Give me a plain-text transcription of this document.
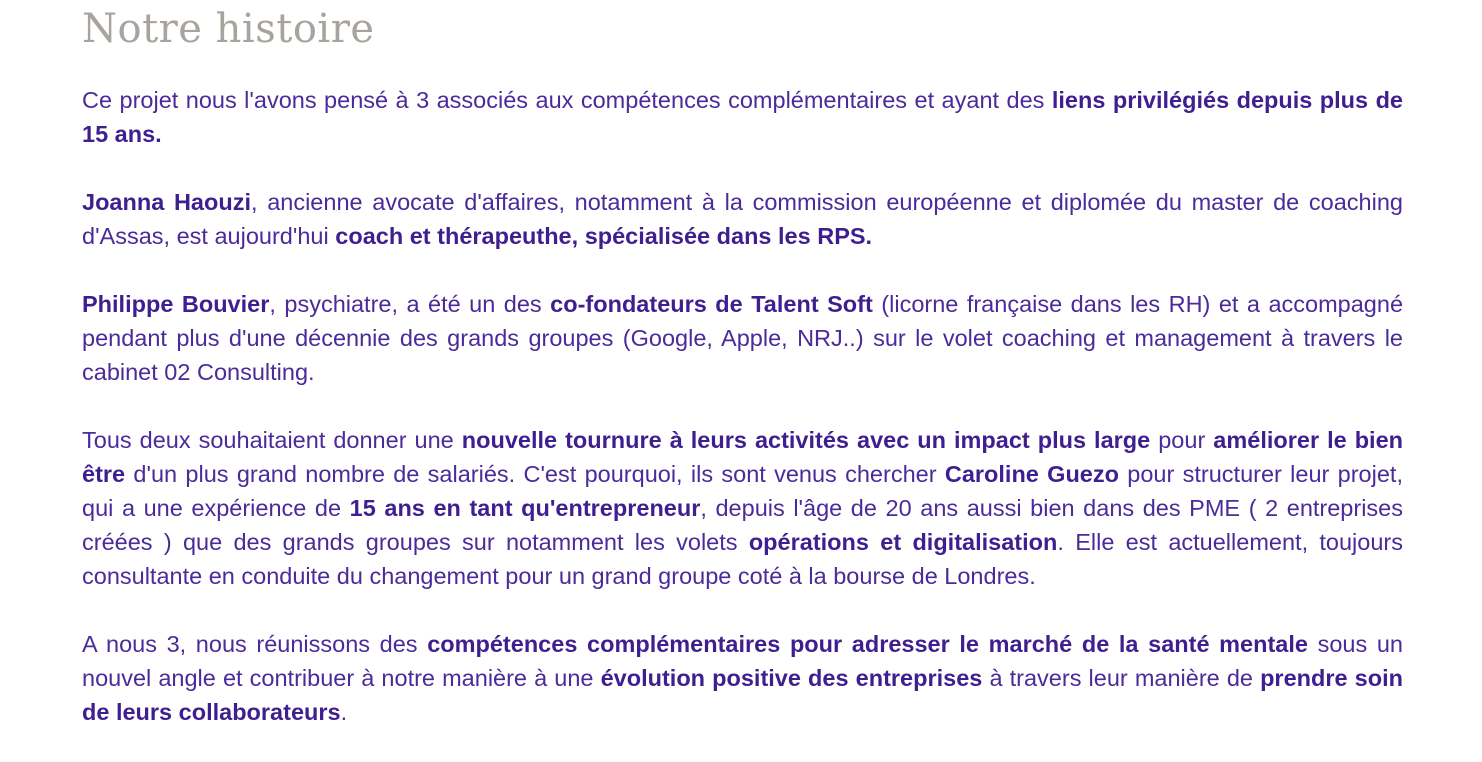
Notre histoire

Ce projet nous l'avons pensé à 3 associés aux compétences complémentaires et ayant des liens privilégiés depuis plus de 15 ans.

Joanna Haouzi, ancienne avocate d'affaires, notamment à la commission européenne et diplomée du master de coaching d'Assas, est aujourd'hui coach et thérapeuthe, spécialisée dans les RPS.

Philippe Bouvier, psychiatre, a été un des co-fondateurs de Talent Soft (licorne française dans les RH) et a accompagné pendant plus d'une décennie des grands groupes (Google, Apple, NRJ..) sur le volet coaching et management à travers le cabinet 02 Consulting.

Tous deux souhaitaient donner une nouvelle tournure à leurs activités avec un impact plus large pour améliorer le bien être d'un plus grand nombre de salariés. C'est pourquoi, ils sont venus chercher Caroline Guezo pour structurer leur projet, qui a une expérience de 15 ans en tant qu'entrepreneur, depuis l'âge de 20 ans aussi bien dans des PME ( 2 entreprises créées ) que des grands groupes sur notamment les volets opérations et digitalisation. Elle est actuellement, toujours consultante en conduite du changement pour un grand groupe coté à la bourse de Londres.

A nous 3, nous réunissons des compétences complémentaires pour adresser le marché de la santé mentale sous un nouvel angle et contribuer à notre manière à une évolution positive des entreprises à travers leur manière de prendre soin de leurs collaborateurs.
